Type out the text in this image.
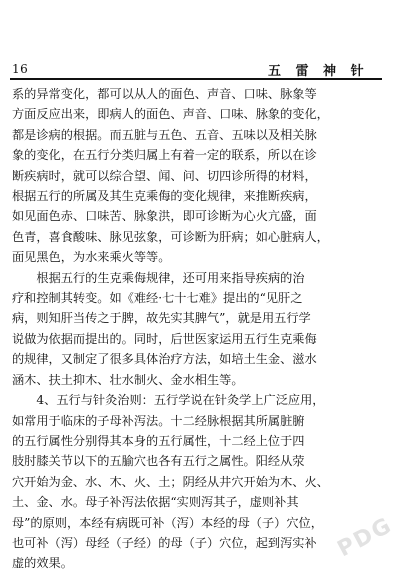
16	五 雷 神 针

系的异常变化，都可以从人的面色、声音、口味、脉象等
方面反应出来，即病人的面色、声音、口味、脉象的变化，
都是诊病的根据。而五脏与五色、五音、五味以及相关脉
象的变化，在五行分类归属上有着一定的联系，所以在诊
断疾病时，就可以综合望、闻、问、切四诊所得的材料，
根据五行的所属及其生克乘侮的变化规律，来推断疾病，
如见面色赤、口味苦、脉象洪，即可诊断为心火亢盛，面
色青，喜食酸味、脉见弦象，可诊断为肝病；如心脏病人，
面见黑色，为水来乘火等等。

根据五行的生克乘侮规律，还可用来指导疾病的治
疗和控制其转变。如《难经·七十七难》提出的“见肝之
病，则知肝当传之于脾，故先实其脾气”，就是用五行学
说做为依据而提出的。同时，后世医家运用五行生克乘侮
的规律，又制定了很多具体治疗方法，如培土生金、滋水
涵木、扶土抑木、壮水制火、金水相生等。

4、五行与针灸治则：五行学说在针灸学上广泛应用，
如常用于临床的子母补泻法。十二经脉根据其所属脏腑
的五行属性分别得其本身的五行属性，十二经上位于四
肢肘膝关节以下的五腧穴也各有五行之属性。阳经从荥
穴开始为金、水、木、火、土；阴经从井穴开始为木、火、
土、金、水。母子补泻法依据“实则泻其子，虚则补其
母”的原则，本经有病既可补（泻）本经的母（子）穴位，
也可补（泻）母经（子经）的母（子）穴位，起到泻实补
虚的效果。

PDG
